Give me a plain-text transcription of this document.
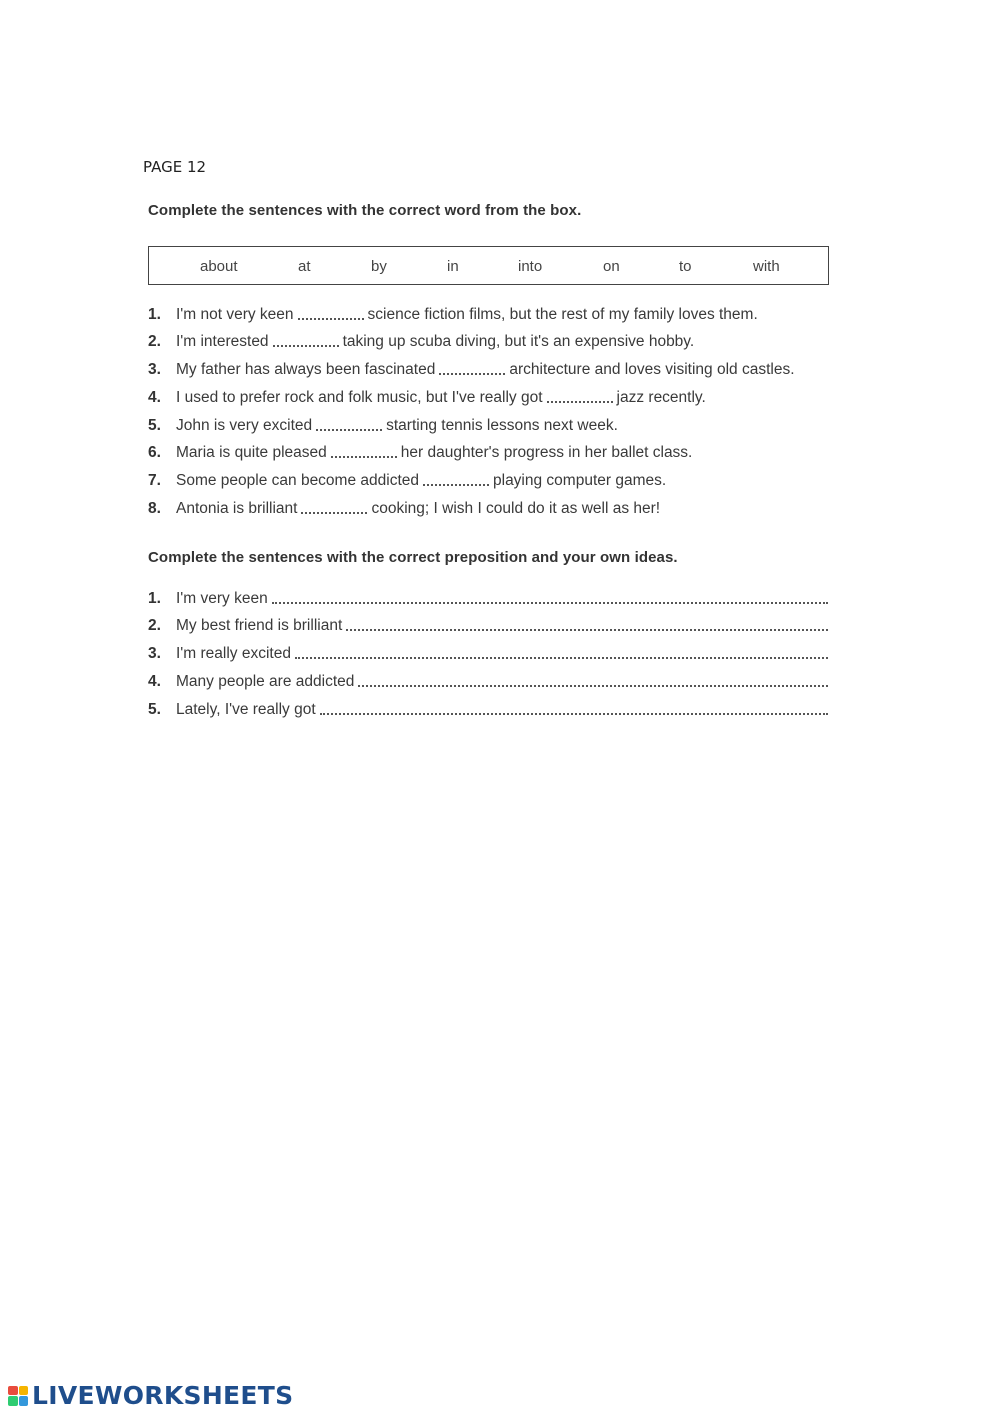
PAGE 12
Complete the sentences with the correct word from the box.
about	at	by	in	into	on	to	with
1. I'm not very keen	science fiction films, but the rest of my family loves them.
2. I'm interested	taking up scuba diving, but it's an expensive hobby.
3. My father has always been fascinated	architecture and loves visiting old castles.
4. I used to prefer rock and folk music, but I've really got	jazz recently.
5. John is very excited	starting tennis lessons next week.
6. Maria is quite pleased	her daughter's progress in her ballet class.
7. Some people can become addicted	playing computer games.
8. Antonia is brilliant	cooking; I wish I could do it as well as her!
Complete the sentences with the correct preposition and your own ideas.
1. I'm very keen
2. My best friend is brilliant
3. I'm really excited
4. Many people are addicted
5. Lately, I've really got
LIVEWORKSHEETS
